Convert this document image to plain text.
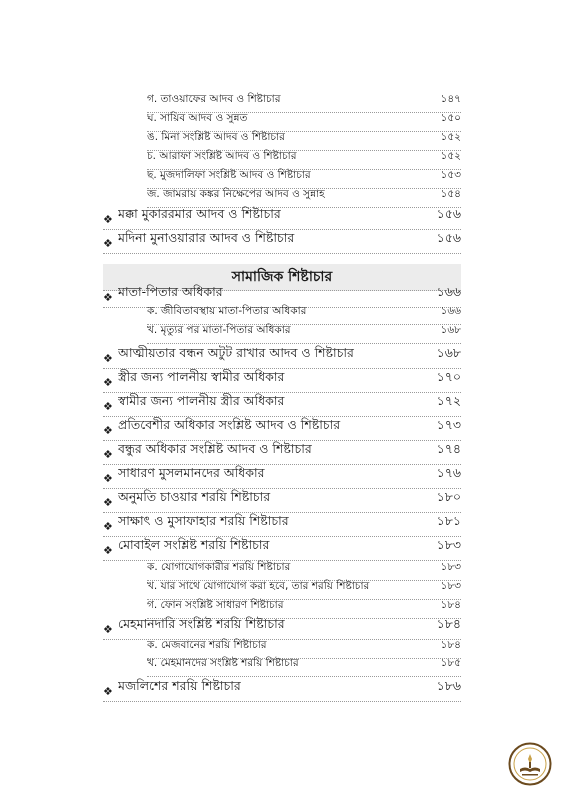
গ. তাওয়াফের আদব ও শিষ্টাচার	১৪৭
ঘ. সায়িব আদব ও সুন্নত	১৫০
ঙ. মিনা সংশ্লিষ্ট আদব ও শিষ্টাচার	১৫২
চ. আরাফা সংশ্লিষ্ট আদব ও শিষ্টাচার	১৫২
ছ. মুজদালিফা সংশ্লিষ্ট আদব ও শিষ্টাচার	১৫৩
জ. জামরায় কঙ্কর নিক্ষেপের আদব ও সুন্নাহ	১৫৪
❖ মক্কা মুকাররমার আদব ও শিষ্টাচার	১৫৬
❖ মদিনা মুনাওয়ারার আদব ও শিষ্টাচার	১৫৬
সামাজিক শিষ্টাচার
❖ মাতা-পিতার অধিকার	১৬৬
ক. জীবিতাবস্থায় মাতা-পিতার অধিকার	১৬৬
খ. মৃত্যুর পর মাতা-পিতার অধিকার	১৬৮
❖ আত্মীয়তার বন্ধন অটুট রাখার আদব ও শিষ্টাচার	১৬৮
❖ স্ত্রীর জন্য পালনীয় স্বামীর অধিকার	১৭০
❖ স্বামীর জন্য পালনীয় স্ত্রীর অধিকার	১৭২
❖ প্রতিবেশীর অধিকার সংশ্লিষ্ট আদব ও শিষ্টাচার	১৭৩
❖ বন্ধুর অধিকার সংশ্লিষ্ট আদব ও শিষ্টাচার	১৭৪
❖ সাধারণ মুসলমানদের অধিকার	১৭৬
❖ অনুমতি চাওয়ার শরয়ি শিষ্টাচার	১৮০
❖ সাক্ষাৎ ও মুসাফাহার শরয়ি শিষ্টাচার	১৮১
❖ মোবাইল সংশ্লিষ্ট শরয়ি শিষ্টাচার	১৮৩
ক. যোগাযোগকারীর শরয়ি শিষ্টাচার	১৮৩
খ. যার সাথে যোগাযোগ করা হবে, তার শরয়ি শিষ্টাচার	১৮৩
গ. ফোন সংশ্লিষ্ট সাধারণ শিষ্টাচার	১৮৪
❖ মেহমানদারি সংশ্লিষ্ট শরয়ি শিষ্টাচার	১৮৪
ক. মেজবানের শরয়ি শিষ্টাচার	১৮৪
খ. মেহমানদের সংশ্লিষ্ট শরয়ি শিষ্টাচার	১৮৫
❖ মজলিশের শরয়ি শিষ্টাচার	১৮৬
